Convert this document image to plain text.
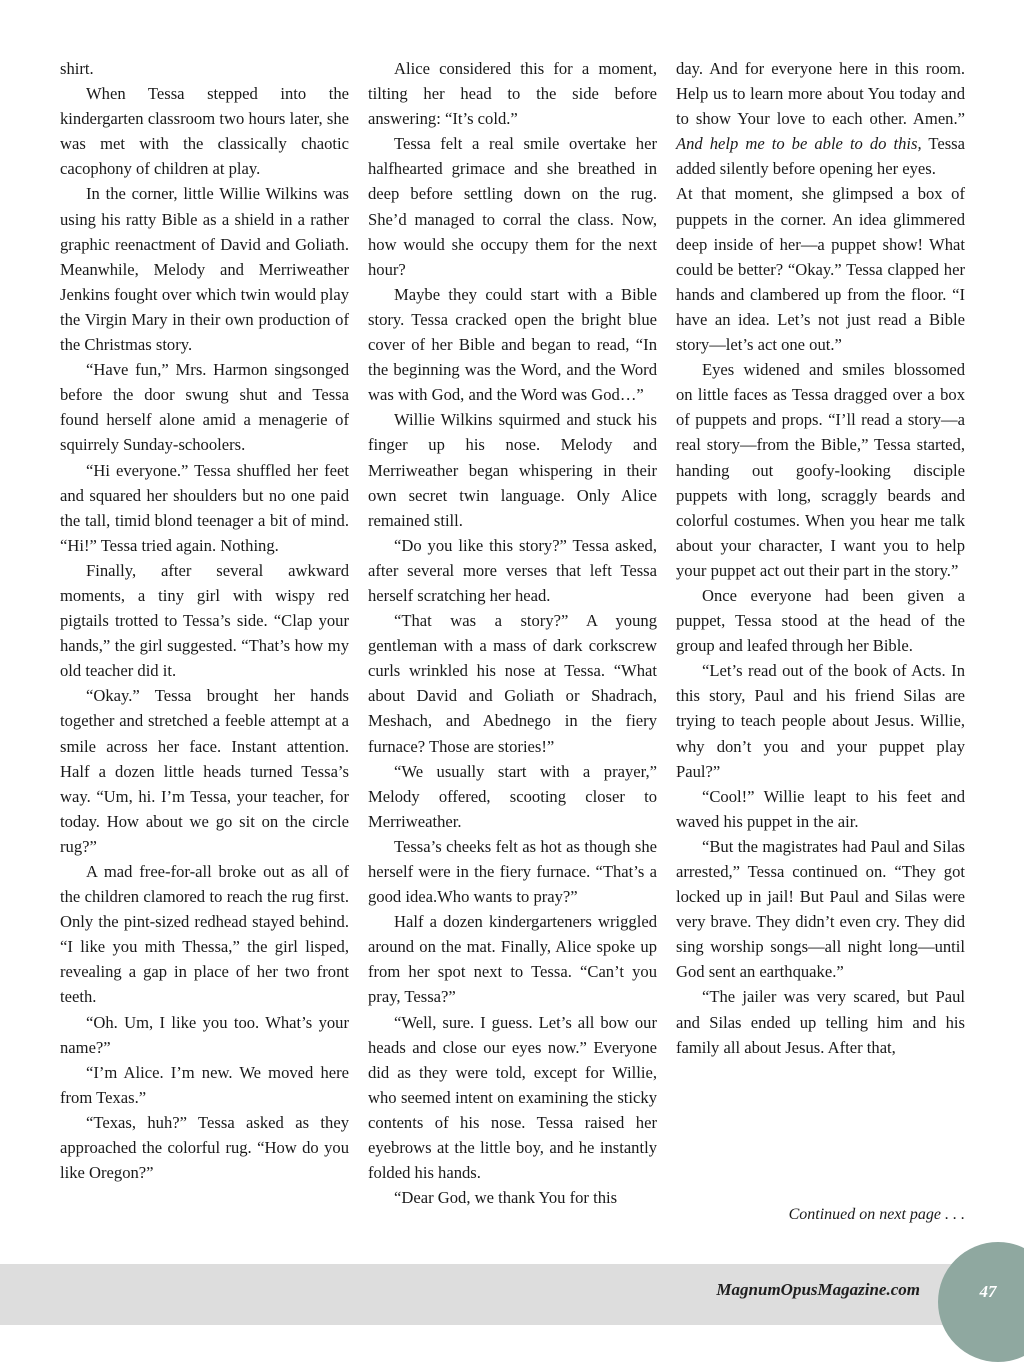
shirt.

When Tessa stepped into the kindergarten classroom two hours later, she was met with the classically chaotic cacophony of children at play.

In the corner, little Willie Wilkins was using his ratty Bible as a shield in a rather graphic reenactment of David and Goliath. Meanwhile, Melody and Merriweather Jenkins fought over which twin would play the Virgin Mary in their own production of the Christmas story.

“Have fun,” Mrs. Harmon singsonged before the door swung shut and Tessa found herself alone amid a menagerie of squirrely Sunday-schoolers.

“Hi everyone.” Tessa shuffled her feet and squared her shoulders but no one paid the tall, timid blond teenager a bit of mind. “Hi!” Tessa tried again. Nothing.

Finally, after several awkward moments, a tiny girl with wispy red pigtails trotted to Tessa’s side. “Clap your hands,” the girl suggested. “That’s how my old teacher did it.

“Okay.” Tessa brought her hands together and stretched a feeble attempt at a smile across her face. Instant attention. Half a dozen little heads turned Tessa’s way. “Um, hi. I’m Tessa, your teacher, for today. How about we go sit on the circle rug?”

A mad free-for-all broke out as all of the children clamored to reach the rug first. Only the pint-sized redhead stayed behind. “I like you mith Thessa,” the girl lisped, revealing a gap in place of her two front teeth.

“Oh. Um, I like you too. What’s your name?”

“I’m Alice. I’m new. We moved here from Texas.”

“Texas, huh?” Tessa asked as they approached the colorful rug. “How do you like Oregon?”

Alice considered this for a moment, tilting her head to the side before answering: “It’s cold.”

Tessa felt a real smile overtake her halfhearted grimace and she breathed in deep before settling down on the rug. She’d managed to corral the class. Now, how would she occupy them for the next hour?

Maybe they could start with a Bible story. Tessa cracked open the bright blue cover of her Bible and began to read, “In the beginning was the Word, and the Word was with God, and the Word was God…”

Willie Wilkins squirmed and stuck his finger up his nose. Melody and Merriweather began whispering in their own secret twin language. Only Alice remained still.

“Do you like this story?” Tessa asked, after several more verses that left Tessa herself scratching her head.

“That was a story?” A young gentleman with a mass of dark corkscrew curls wrinkled his nose at Tessa. “What about David and Goliath or Shadrach, Meshach, and Abednego in the fiery furnace? Those are stories!”

“We usually start with a prayer,” Melody offered, scooting closer to Merriweather.

Tessa’s cheeks felt as hot as though she herself were in the fiery furnace. “That’s a good idea.Who wants to pray?”

Half a dozen kindergarteners wriggled around on the mat. Finally, Alice spoke up from her spot next to Tessa. “Can’t you pray, Tessa?”

“Well, sure. I guess. Let’s all bow our heads and close our eyes now.” Everyone did as they were told, except for Willie, who seemed intent on examining the sticky contents of his nose. Tessa raised her eyebrows at the little boy, and he instantly folded his hands.

“Dear God, we thank You for this

day. And for everyone here in this room. Help us to learn more about You today and to show Your love to each other. Amen.” And help me to be able to do this, Tessa added silently before opening her eyes.

At that moment, she glimpsed a box of puppets in the corner. An idea glimmered deep inside of her—a puppet show! What could be better? “Okay.” Tessa clapped her hands and clambered up from the floor. “I have an idea. Let’s not just read a Bible story—let’s act one out.”

Eyes widened and smiles blossomed on little faces as Tessa dragged over a box of puppets and props. “I’ll read a story—a real story—from the Bible,” Tessa started, handing out goofy-looking disciple puppets with long, scraggly beards and colorful costumes. When you hear me talk about your character, I want you to help your puppet act out their part in the story.”

Once everyone had been given a puppet, Tessa stood at the head of the group and leafed through her Bible.

“Let’s read out of the book of Acts. In this story, Paul and his friend Silas are trying to teach people about Jesus. Willie, why don’t you and your puppet play Paul?”

“Cool!” Willie leapt to his feet and waved his puppet in the air.

“But the magistrates had Paul and Silas arrested,” Tessa continued on. “They got locked up in jail! But Paul and Silas were very brave. They didn’t even cry. They did sing worship songs—all night long—until God sent an earthquake.”

“The jailer was very scared, but Paul and Silas ended up telling him and his family all about Jesus. After that,

Continued on next page . . .
MagnumOpusMagazine.com	47
